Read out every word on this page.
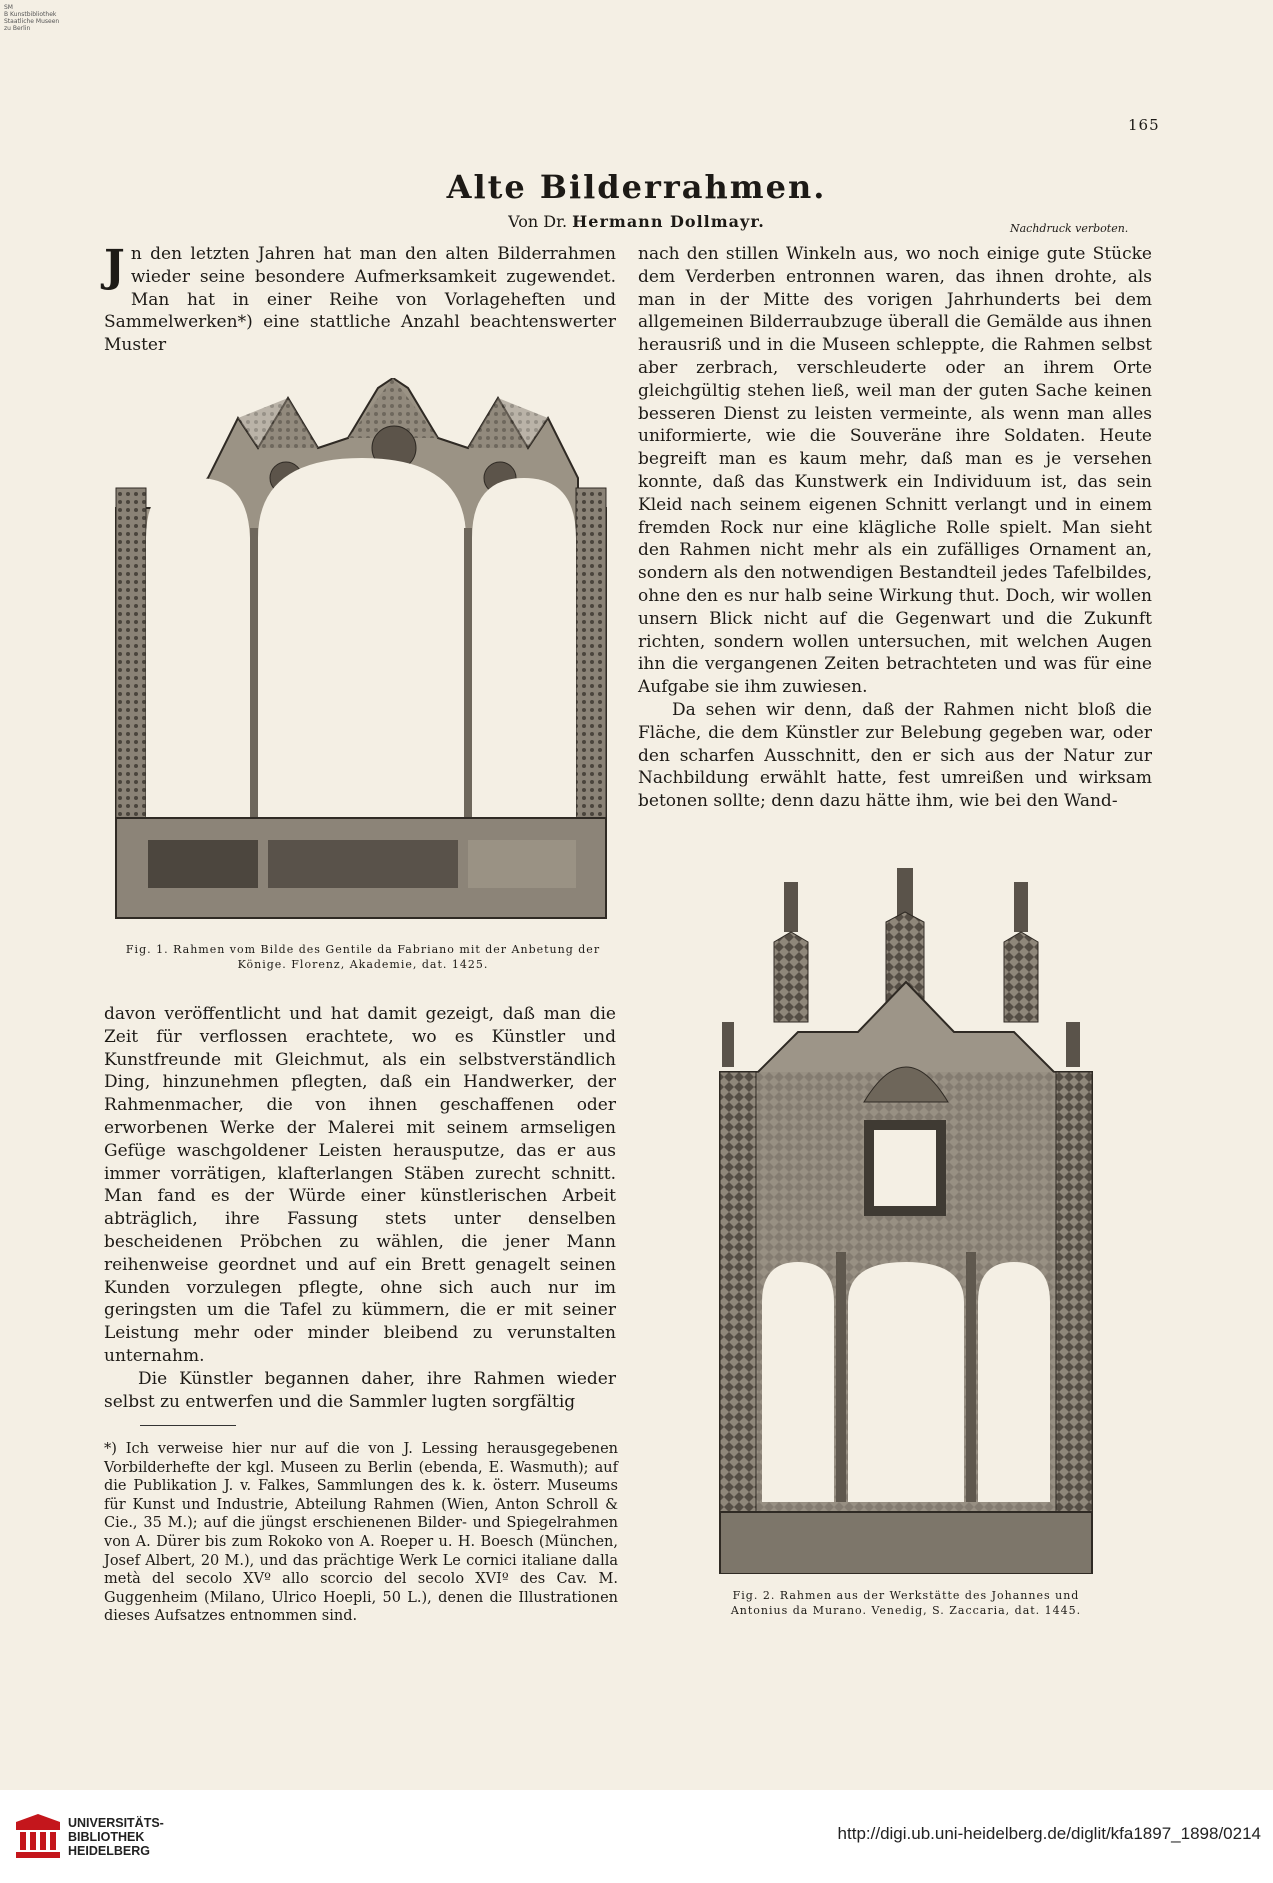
SM
B Kunstbibliothek
Staatliche Museen
zu Berlin
165
Alte Bilderrahmen.
Von Dr. Hermann Dollmayr.	Nachdruck verboten.

Jn den letzten Jahren hat man den alten Bilderrahmen wieder seine besondere Aufmerksamkeit zugewendet. Man hat in einer Reihe von Vorlageheften und Sammelwerken*) eine stattliche Anzahl beachtenswerter Muster

nach den stillen Winkeln aus, wo noch einige gute Stücke dem Verderben entronnen waren, das ihnen drohte, als man in der Mitte des vorigen Jahrhunderts bei dem allgemeinen Bilderraubzuge überall die Gemälde aus ihnen herausriß und in die Museen schleppte, die Rahmen selbst aber zerbrach, verschleuderte oder an ihrem Orte gleichgültig stehen ließ, weil man der guten Sache keinen besseren Dienst zu leisten vermeinte, als wenn man alles uniformierte, wie die Souveräne ihre Soldaten. Heute begreift man es kaum mehr, daß man es je versehen konnte, daß das Kunstwerk ein Individuum ist, das sein Kleid nach seinem eigenen Schnitt verlangt und in einem fremden Rock nur eine klägliche Rolle spielt. Man sieht den Rahmen nicht mehr als ein zufälliges Ornament an, sondern als den notwendigen Bestandteil jedes Tafelbildes, ohne den es nur halb seine Wirkung thut. Doch, wir wollen unsern Blick nicht auf die Gegenwart und die Zukunft richten, sondern wollen untersuchen, mit welchen Augen ihn die vergangenen Zeiten betrachteten und was für eine Aufgabe sie ihm zuwiesen.

Da sehen wir denn, daß der Rahmen nicht bloß die Fläche, die dem Künstler zur Belebung gegeben war, oder den scharfen Ausschnitt, den er sich aus der Natur zur Nachbildung erwählt hatte, fest umreißen und wirksam betonen sollte; denn dazu hätte ihm, wie bei den Wand-

Fig. 1. Rahmen vom Bilde des Gentile da Fabriano mit der Anbetung der Könige. Florenz, Akademie, dat. 1425.

davon veröffentlicht und hat damit gezeigt, daß man die Zeit für verflossen erachtete, wo es Künstler und Kunstfreunde mit Gleichmut, als ein selbstverständlich Ding, hinzunehmen pflegten, daß ein Handwerker, der Rahmenmacher, die von ihnen geschaffenen oder erworbenen Werke der Malerei mit seinem armseligen Gefüge waschgoldener Leisten herausputze, das er aus immer vorrätigen, klafterlangen Stäben zurecht schnitt. Man fand es der Würde einer künstlerischen Arbeit abträglich, ihre Fassung stets unter denselben bescheidenen Pröbchen zu wählen, die jener Mann reihenweise geordnet und auf ein Brett genagelt seinen Kunden vorzulegen pflegte, ohne sich auch nur im geringsten um die Tafel zu kümmern, die er mit seiner Leistung mehr oder minder bleibend zu verunstalten unternahm.

Die Künstler begannen daher, ihre Rahmen wieder selbst zu entwerfen und die Sammler lugten sorgfältig

*) Ich verweise hier nur auf die von J. Lessing herausgegebenen Vorbilderhefte der kgl. Museen zu Berlin (ebenda, E. Wasmuth); auf die Publikation J. v. Falkes, Sammlungen des k. k. österr. Museums für Kunst und Industrie, Abteilung Rahmen (Wien, Anton Schroll & Cie., 35 M.); auf die jüngst erschienenen Bilder- und Spiegelrahmen von A. Dürer bis zum Rokoko von A. Roeper u. H. Boesch (München, Josef Albert, 20 M.), und das prächtige Werk Le cornici italiane dalla metà del secolo XVº allo scorcio del secolo XVIº des Cav. M. Guggenheim (Milano, Ulrico Hoepli, 50 L.), denen die Illustrationen dieses Aufsatzes entnommen sind.

Fig. 2. Rahmen aus der Werkstätte des Johannes und Antonius da Murano. Venedig, S. Zaccaria, dat. 1445.
UNIVERSITÄTS-
BIBLIOTHEK
HEIDELBERG
http://digi.ub.uni-heidelberg.de/diglit/kfa1897_1898/0214
